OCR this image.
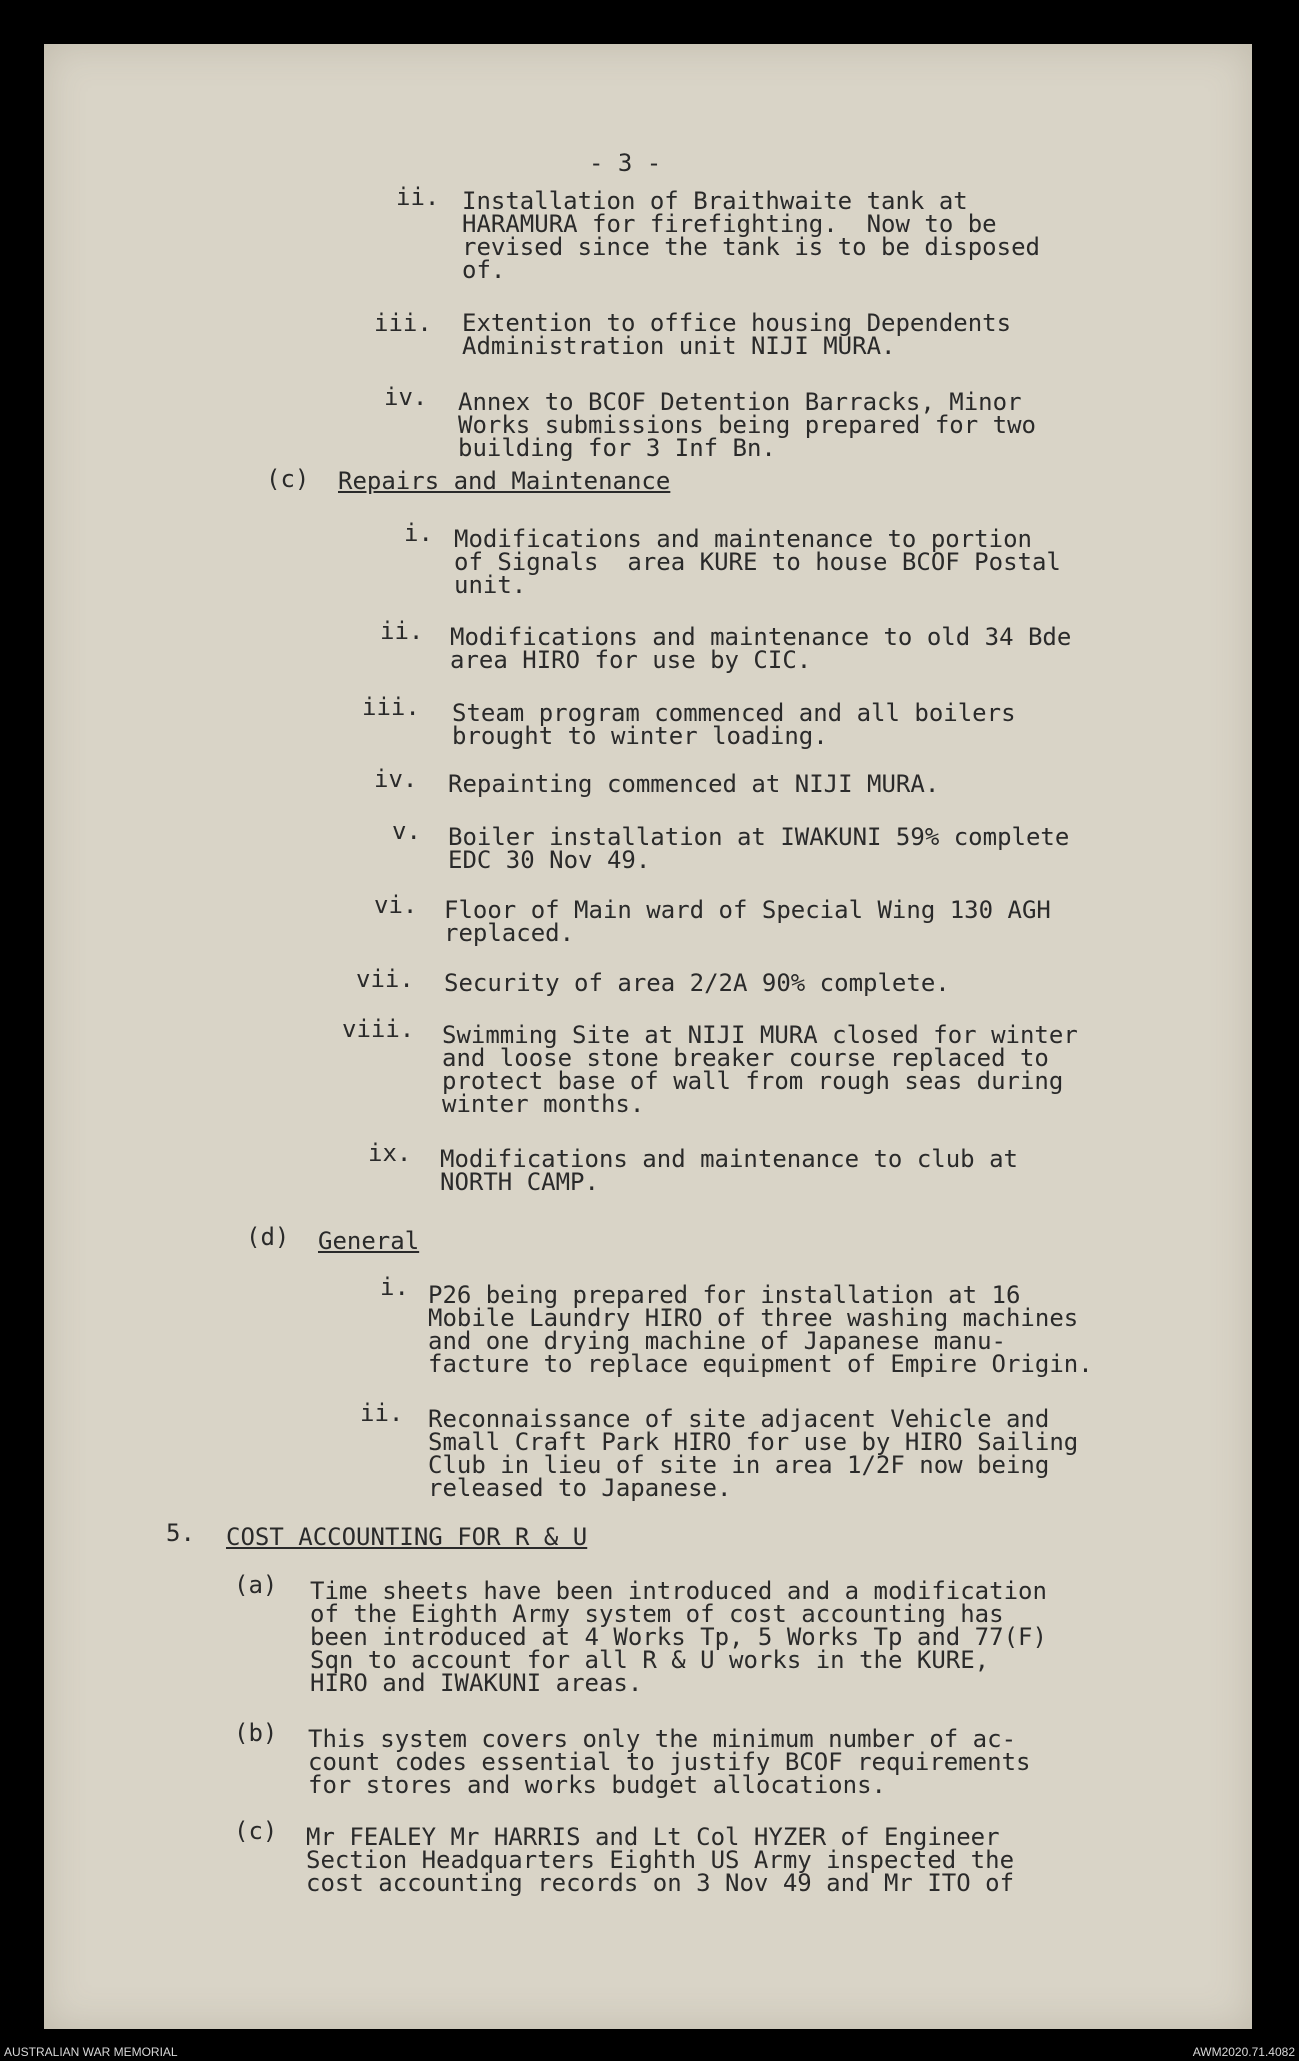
- 3 -
ii. Installation of Braithwaite tank at
HARAMURA for firefighting.  Now to be
revised since the tank is to be disposed
of.
iii. Extention to office housing Dependents
Administration unit NIJI MURA.
iv. Annex to BCOF Detention Barracks, Minor
Works submissions being prepared for two
building for 3 Inf Bn.
(c) Repairs and Maintenance
i. Modifications and maintenance to portion
of Signals  area KURE to house BCOF Postal
unit.
ii. Modifications and maintenance to old 34 Bde
area HIRO for use by CIC.
iii. Steam program commenced and all boilers
brought to winter loading.
iv. Repainting commenced at NIJI MURA.
v. Boiler installation at IWAKUNI 59% complete
EDC 30 Nov 49.
vi. Floor of Main ward of Special Wing 130 AGH
replaced.
vii. Security of area 2/2A 90% complete.
viii. Swimming Site at NIJI MURA closed for winter
and loose stone breaker course replaced to
protect base of wall from rough seas during
winter months.
ix. Modifications and maintenance to club at
NORTH CAMP.
(d) General
i. P26 being prepared for installation at 16
Mobile Laundry HIRO of three washing machines
and one drying machine of Japanese manu-
facture to replace equipment of Empire Origin.
ii. Reconnaissance of site adjacent Vehicle and
Small Craft Park HIRO for use by HIRO Sailing
Club in lieu of site in area 1/2F now being
released to Japanese.
5. COST ACCOUNTING FOR R & U
(a) Time sheets have been introduced and a modification
of the Eighth Army system of cost accounting has
been introduced at 4 Works Tp, 5 Works Tp and 77(F)
Sqn to account for all R & U works in the KURE,
HIRO and IWAKUNI areas.
(b) This system covers only the minimum number of ac-
count codes essential to justify BCOF requirements
for stores and works budget allocations.
(c) Mr FEALEY Mr HARRIS and Lt Col HYZER of Engineer
Section Headquarters Eighth US Army inspected the
cost accounting records on 3 Nov 49 and Mr ITO of
AUSTRALIAN WAR MEMORIAL	AWM2020.71.4082
